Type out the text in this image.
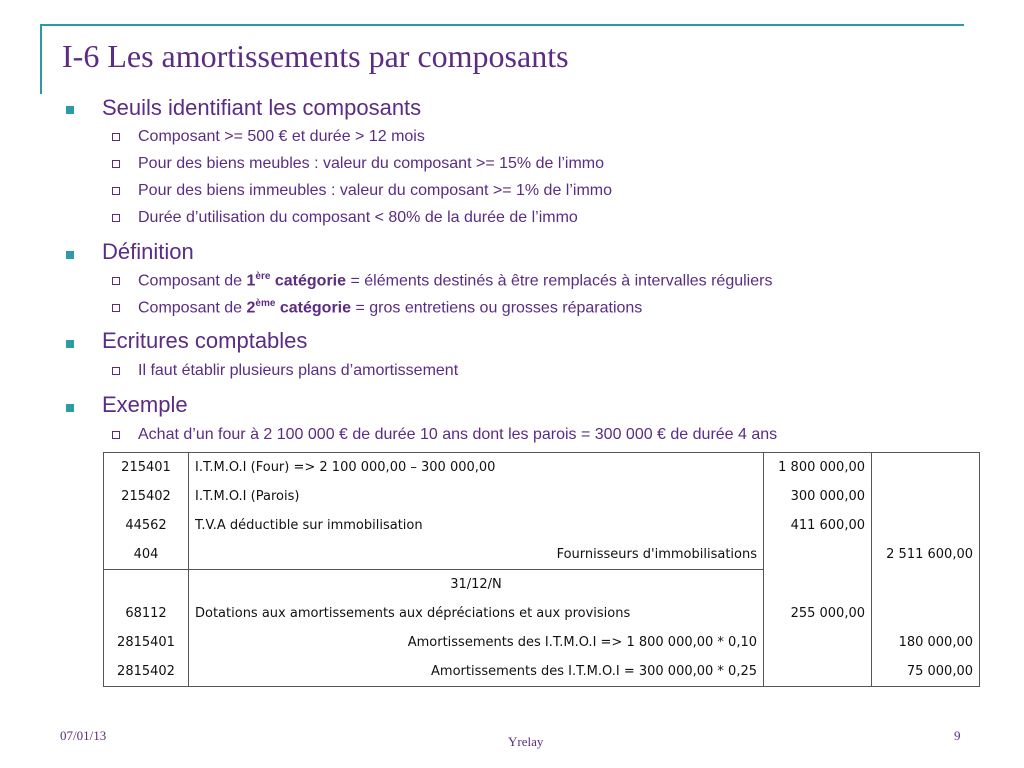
I-6 Les amortissements par composants
Seuils identifiant les composants
Composant >= 500 € et durée > 12 mois
Pour des biens meubles : valeur du composant >= 15% de l’immo
Pour des biens immeubles : valeur du composant >= 1% de l’immo
Durée d’utilisation du composant < 80% de la durée de l’immo
Définition
Composant de 1ère catégorie = éléments destinés à être remplacés à intervalles réguliers
Composant de 2ème catégorie = gros entretiens ou grosses réparations
Ecritures comptables
Il faut établir plusieurs plans d’amortissement
Exemple
Achat d’un four à 2 100 000 € de durée 10 ans dont les parois = 300 000 € de durée 4 ans
215401	I.T.M.O.I (Four) => 2 100 000,00 – 300 000,00	1 800 000,00	
215402	I.T.M.O.I (Parois)	300 000,00	
44562	T.V.A déductible sur immobilisation	411 600,00	
404	Fournisseurs d'immobilisations		2 511 600,00
	31/12/N		
68112	Dotations aux amortissements aux dépréciations et aux provisions	255 000,00	
2815401	Amortissements des I.T.M.O.I => 1 800 000,00 * 0,10		180 000,00
2815402	Amortissements des I.T.M.O.I = 300 000,00 * 0,25		75 000,00
07/01/13	Yrelay	9
